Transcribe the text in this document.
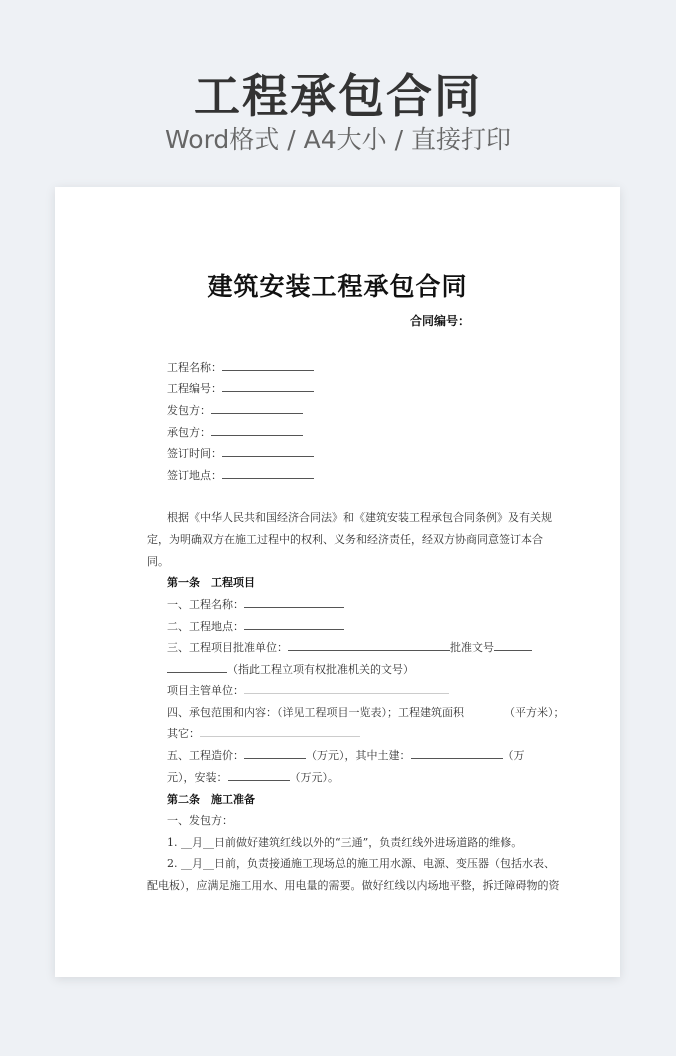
工程承包合同
Word格式 / A4大小 / 直接打印
建筑安装工程承包合同
合同编号：
工程名称：
工程编号：
发包方：
承包方：
签订时间：
签订地点：
根据《中华人民共和国经济合同法》和《建筑安装工程承包合同条例》及有关规
定，为明确双方在施工过程中的权利、义务和经济责任，经双方协商同意签订本合
同。
第一条　工程项目
一、工程名称：
二、工程地点：
三、工程项目批准单位：	批准文号
（指此工程立项有权批准机关的文号）
项目主管单位：
四、承包范围和内容：（详见工程项目一览表）；工程建筑面积	（平方米）；
其它：
五、工程造价：	（万元），其中土建：	（万
元），安装：	（万元）。
第二条　施工准备
一、发包方：
1. __月__日前做好建筑红线以外的“三通”，负责红线外进场道路的维修。
2. __月__日前，负责接通施工现场总的施工用水源、电源、变压器（包括水表、
配电板），应满足施工用水、用电量的需要。做好红线以内场地平整，拆迁障碍物的资
